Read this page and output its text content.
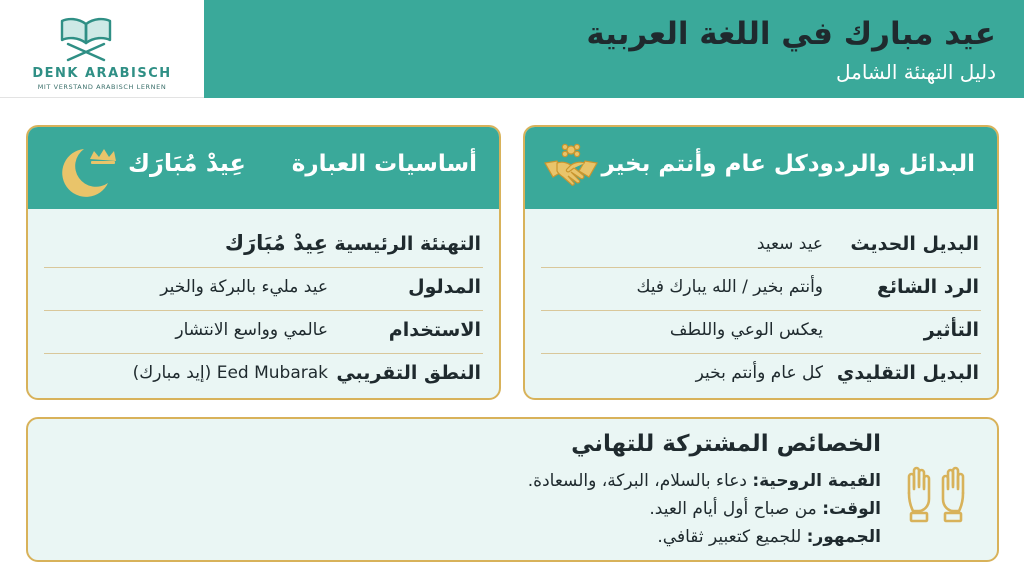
DENK ARABISCH
MIT VERSTAND ARABISCH LERNEN
عيد مبارك في اللغة العربية
دليل التهنئة الشامل
البدائل والردودكل عام وأنتم بخير
البديل الحديث
عيد سعيد
الرد الشائع
وأنتم بخير / الله يبارك فيك
التأثير
يعكس الوعي واللطف
البديل التقليدي
كل عام وأنتم بخير
أساسيات العبارة
عِيدْ مُبَارَك
التهنئة الرئيسية
عِيدْ مُبَارَك
المدلول
عيد مليء بالبركة والخير
الاستخدام
عالمي وواسع الانتشار
النطق التقريبي
Eed Mubarak (إيد مبارك)
الخصائص المشتركة للتهاني
القيمة الروحية: دعاء بالسلام، البركة، والسعادة.
الوقت: من صباح أول أيام العيد.
الجمهور: للجميع كتعبير ثقافي.
